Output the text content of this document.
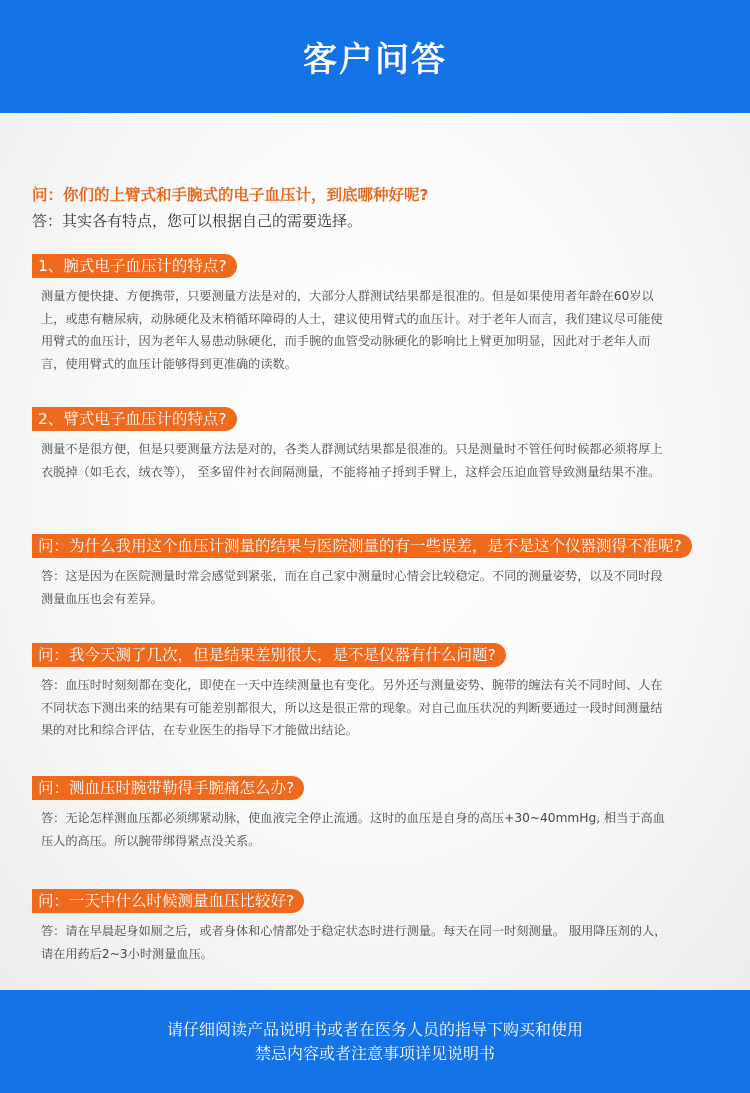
客户问答
问：你们的上臂式和手腕式的电子血压计，到底哪种好呢?
答：其实各有特点，您可以根据自己的需要选择。
1、腕式电子血压计的特点?
测量方便快捷、方便携带，只要测量方法是对的，大部分人群测试结果都是很准的。但是如果使用者年龄在60岁以上，或患有糖尿病，动脉硬化及末梢循环障碍的人士，建议使用臂式的血压计。对于老年人而言，我们建议尽可能使用臂式的血压计，因为老年人易患动脉硬化，而手腕的血管受动脉硬化的影响比上臂更加明显，因此对于老年人而言，使用臂式的血压计能够得到更准确的读数。
2、臂式电子血压计的特点?
测量不是很方便，但是只要测量方法是对的，各类人群测试结果都是很准的。只是测量时不管任何时候都必须将厚上衣脱掉（如毛衣，绒衣等）， 至多留件衬衣间隔测量，不能将袖子捋到手臂上，这样会压迫血管导致测量结果不准。
问：为什么我用这个血压计测量的结果与医院测量的有一些误差，是不是这个仪器测得不准呢?
答：这是因为在医院测量时常会感觉到紧张，而在自己家中测量时心情会比较稳定。不同的测量姿势，以及不同时段测量血压也会有差异。
问：我今天测了几次，但是结果差别很大，是不是仪器有什么问题?
答：血压时时刻刻都在变化，即使在一天中连续测量也有变化。另外还与测量姿势、腕带的缠法有关不同时间、人在不同状态下测出来的结果有可能差别都很大，所以这是很正常的现象。对自己血压状况的判断要通过一段时间测量结果的对比和综合评估，在专业医生的指导下才能做出结论。
问：测血压时腕带勒得手腕痛怎么办?
答：无论怎样测血压都必须绑紧动脉，使血液完全停止流通。这时的血压是自身的高压+30~40mmHg, 相当于高血压人的高压。所以腕带绑得紧点没关系。
问：一天中什么时候测量血压比较好?
答：请在早晨起身如厕之后，或者身体和心情都处于稳定状态时进行测量。每天在同一时刻测量。 服用降压剂的人，请在用药后2~3小时测量血压。
请仔细阅读产品说明书或者在医务人员的指导下购买和使用
禁忌内容或者注意事项详见说明书
